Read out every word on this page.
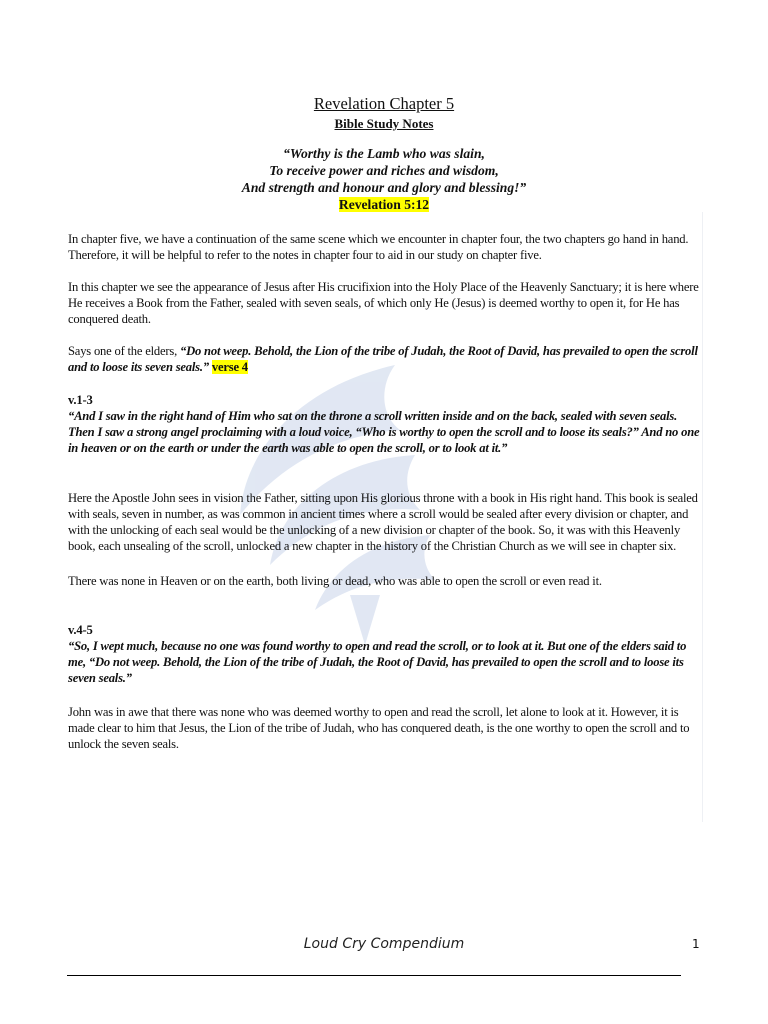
Revelation Chapter 5
Bible Study Notes
“Worthy is the Lamb who was slain,
To receive power and riches and wisdom,
And strength and honour and glory and blessing!”
Revelation 5:12
In chapter five, we have a continuation of the same scene which we encounter in chapter four, the two chapters go hand in hand. Therefore, it will be helpful to refer to the notes in chapter four to aid in our study on chapter five.
In this chapter we see the appearance of Jesus after His crucifixion into the Holy Place of the Heavenly Sanctuary; it is here where He receives a Book from the Father, sealed with seven seals, of which only He (Jesus) is deemed worthy to open it, for He has conquered death.
Says one of the elders, “Do not weep. Behold, the Lion of the tribe of Judah, the Root of David, has prevailed to open the scroll and to loose its seven seals.” verse 4
v.1-3
“And I saw in the right hand of Him who sat on the throne a scroll written inside and on the back, sealed with seven seals. Then I saw a strong angel proclaiming with a loud voice, “Who is worthy to open the scroll and to loose its seals?” And no one in heaven or on the earth or under the earth was able to open the scroll, or to look at it.”
Here the Apostle John sees in vision the Father, sitting upon His glorious throne with a book in His right hand. This book is sealed with seals, seven in number, as was common in ancient times where a scroll would be sealed after every division or chapter, and with the unlocking of each seal would be the unlocking of a new division or chapter of the book. So, it was with this Heavenly book, each unsealing of the scroll, unlocked a new chapter in the history of the Christian Church as we will see in chapter six.
There was none in Heaven or on the earth, both living or dead, who was able to open the scroll or even read it.
v.4-5
“So, I wept much, because no one was found worthy to open and read the scroll, or to look at it. But one of the elders said to me, “Do not weep. Behold, the Lion of the tribe of Judah, the Root of David, has prevailed to open the scroll and to loose its seven seals.”
John was in awe that there was none who was deemed worthy to open and read the scroll, let alone to look at it. However, it is made clear to him that Jesus, the Lion of the tribe of Judah, who has conquered death, is the one worthy to open the scroll and to unlock the seven seals.
Loud Cry Compendium	1
